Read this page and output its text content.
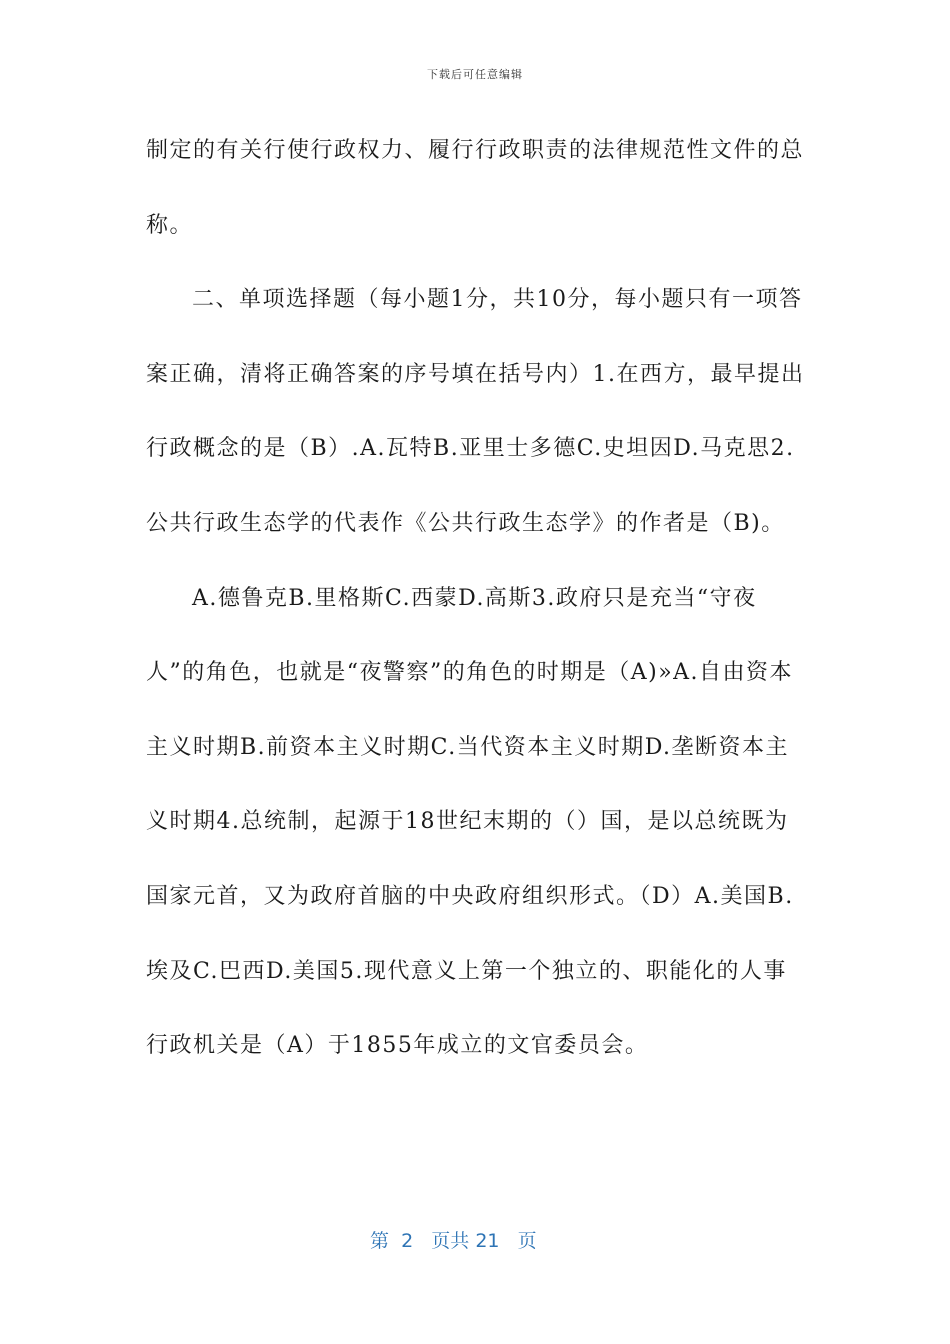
下载后可任意编辑

制定的有关行使行政权力、履行行政职责的法律规范性文件的总称。

二、单项选择题（每小题1分，共10分，每小题只有一项答案正确，清将正确答案的序号填在括号内）1.在西方，最早提出行政概念的是（B）.A.瓦特B.亚里士多德C.史坦因D.马克思2.公共行政生态学的代表作《公共行政生态学》的作者是（B)。

A.德鲁克B.里格斯C.西蒙D.高斯3.政府只是充当“守夜人”的角色，也就是“夜警察”的角色的时期是（A)»A.自由资本主义时期B.前资本主义时期C.当代资本主义时期D.垄断资本主义时期4.总统制，起源于18世纪末期的（）国，是以总统既为国家元首，又为政府首脑的中央政府组织形式。（D）A.美国B.埃及C.巴西D.美国5.现代意义上第一个独立的、职能化的人事行政机关是（A）于1855年成立的文官委员会。

第  2   页共 21   页
